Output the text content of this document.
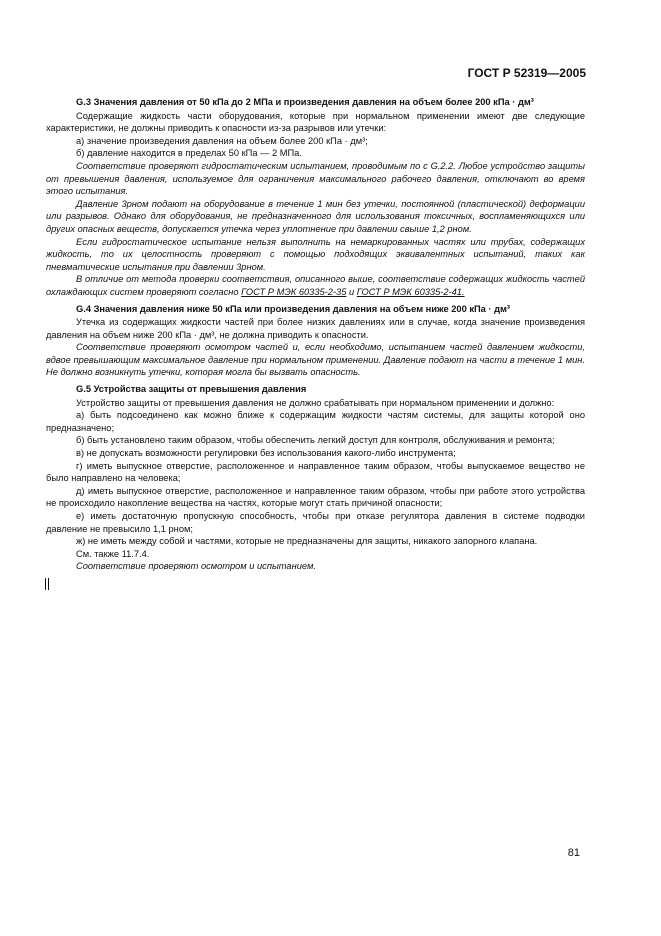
ГОСТ Р 52319—2005

G.3 Значения давления от 50 кПа до 2 МПа и произведения давления на объем более 200 кПа · дм³

Содержащие жидкость части оборудования, которые при нормальном применении имеют две следующие характеристики, не должны приводить к опасности из-за разрывов или утечки:

а) значение произведения давления на объем более 200 кПа · дм³;

б) давление находится в пределах 50 кПа — 2 МПа.

Соответствие проверяют гидростатическим испытанием, проводимым по с G.2.2. Любое устройство защиты от превышения давления, используемое для ограничения максимального рабочего давления, отключают во время этого испытания.

Давление 3pном подают на оборудование в течение 1 мин без утечки, постоянной (пластической) деформации или разрывов. Однако для оборудования, не предназначенного для использования токсичных, воспламеняющихся или других опасных веществ, допускается утечка через уплотнение при давлении свыше 1,2 pном.

Если гидростатическое испытание нельзя выполнить на немаркированных частях или трубах, содержащих жидкость, то их целостность проверяют с помощью подходящих эквивалентных испытаний, таких как пневматические испытания при давлении 3pном.

В отличие от метода проверки соответствия, описанного выше, соответствие содержащих жидкость частей охлаждающих систем проверяют согласно ГОСТ Р МЭК 60335-2-35 и ГОСТ Р МЭК 60335-2-41.

G.4 Значения давления ниже 50 кПа или произведения давления на объем ниже 200 кПа · дм³

Утечка из содержащих жидкости частей при более низких давлениях или в случае, когда значение произведения давления на объем ниже 200 кПа · дм³, не должна приводить к опасности.

Соответствие проверяют осмотром частей и, если необходимо, испытанием частей давлением жидкости, вдвое превышающим максимальное давление при нормальном применении. Давление подают на части в течение 1 мин. Не должно возникнуть утечки, которая могла бы вызвать опасность.

G.5 Устройства защиты от превышения давления

Устройство защиты от превышения давления не должно срабатывать при нормальном применении и должно:

а) быть подсоединено как можно ближе к содержащим жидкости частям системы, для защиты которой оно предназначено;

б) быть установлено таким образом, чтобы обеспечить легкий доступ для контроля, обслуживания и ремонта;

в) не допускать возможности регулировки без использования какого-либо инструмента;

г) иметь выпускное отверстие, расположенное и направленное таким образом, чтобы выпускаемое вещество не было направлено на человека;

д) иметь выпускное отверстие, расположенное и направленное таким образом, чтобы при работе этого устройства не происходило накопление вещества на частях, которые могут стать причиной опасности;

е) иметь достаточную пропускную способность, чтобы при отказе регулятора давления в системе подводки давление не превысило 1,1 pном;

ж) не иметь между собой и частями, которые не предназначены для защиты, никакого запорного клапана.

См. также 11.7.4.

Соответствие проверяют осмотром и испытанием.

81
